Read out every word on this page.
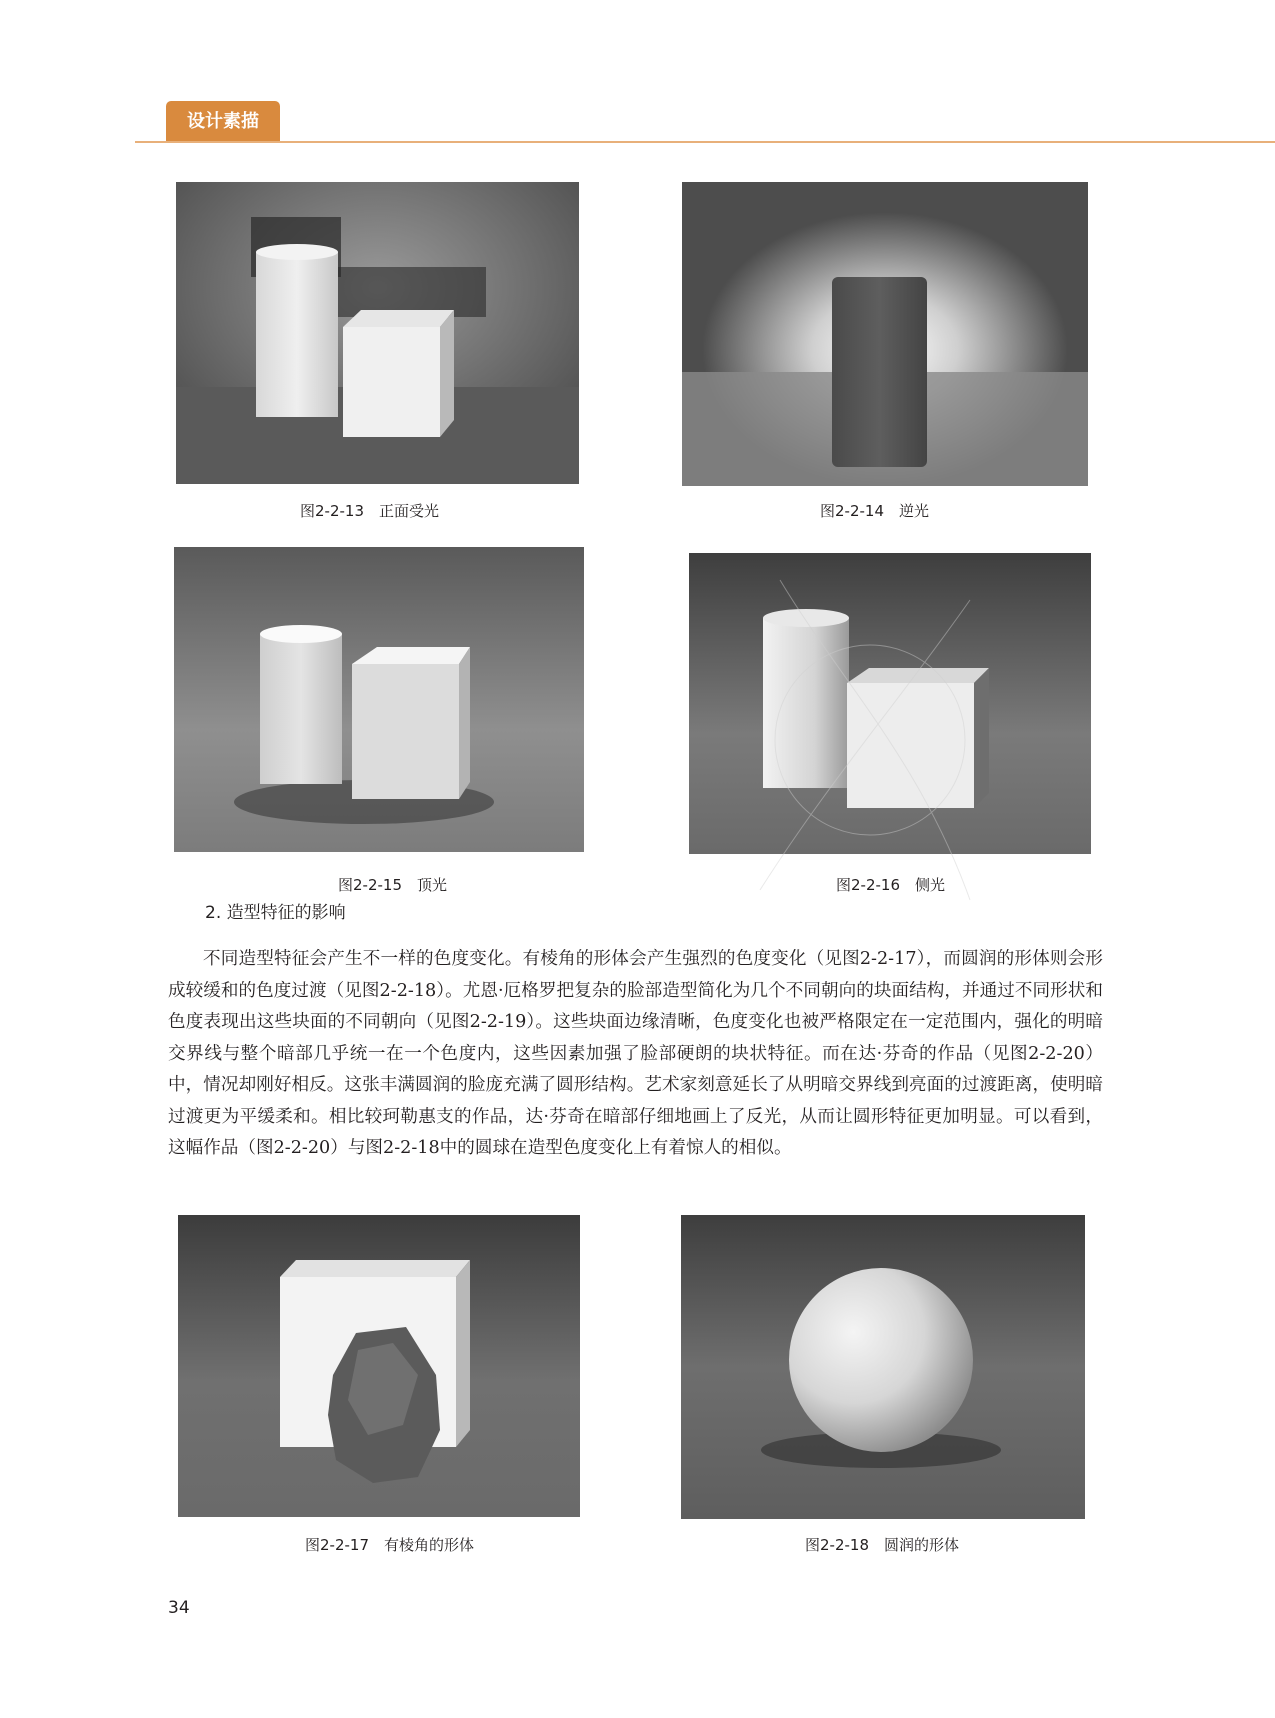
设计素描
图2-2-13　正面受光	图2-2-14　逆光
图2-2-15　顶光	图2-2-16　侧光
2. 造型特征的影响
不同造型特征会产生不一样的色度变化。有棱角的形体会产生强烈的色度变化（见图2-2-17），而圆润的形体则会形成较缓和的色度过渡（见图2-2-18）。尤恩·厄格罗把复杂的脸部造型简化为几个不同朝向的块面结构，并通过不同形状和色度表现出这些块面的不同朝向（见图2-2-19）。这些块面边缘清晰，色度变化也被严格限定在一定范围内，强化的明暗交界线与整个暗部几乎统一在一个色度内，这些因素加强了脸部硬朗的块状特征。而在达·芬奇的作品（见图2-2-20）中，情况却刚好相反。这张丰满圆润的脸庞充满了圆形结构。艺术家刻意延长了从明暗交界线到亮面的过渡距离，使明暗过渡更为平缓柔和。相比较珂勒惠支的作品，达·芬奇在暗部仔细地画上了反光，从而让圆形特征更加明显。可以看到，这幅作品（图2-2-20）与图2-2-18中的圆球在造型色度变化上有着惊人的相似。
图2-2-17　有棱角的形体	图2-2-18　圆润的形体
34
